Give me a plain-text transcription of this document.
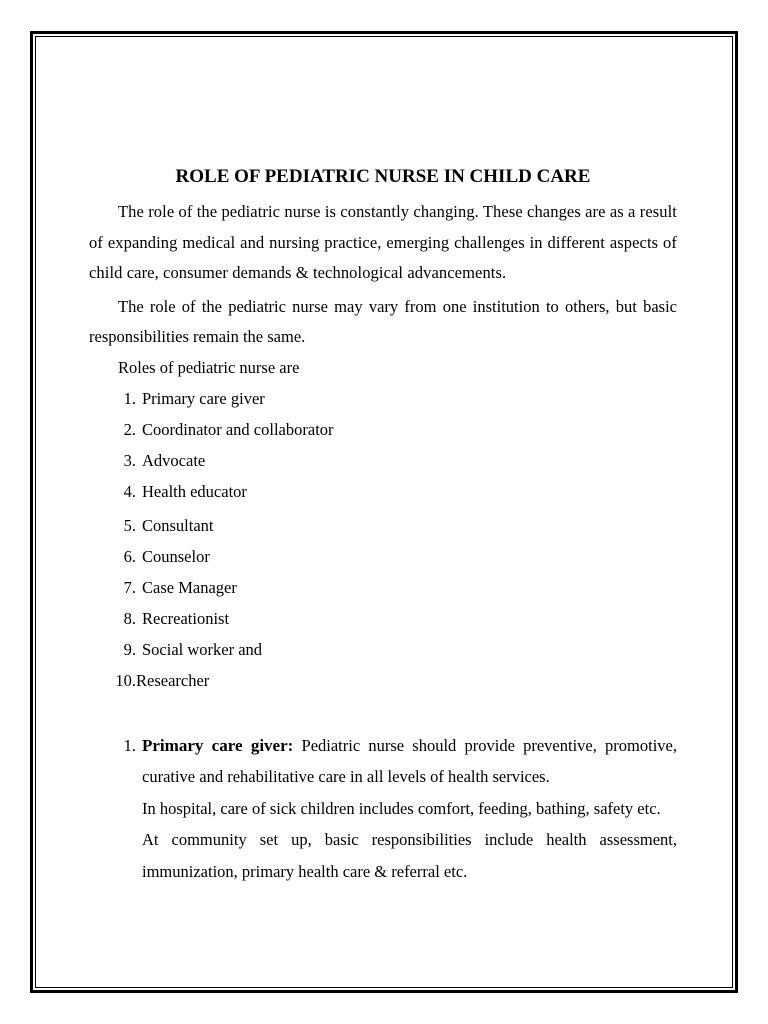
ROLE OF PEDIATRIC NURSE IN CHILD CARE

The role of the pediatric nurse is constantly changing. These changes are as a result of expanding medical and nursing practice, emerging challenges in different aspects of child care, consumer demands & technological advancements.

The role of the pediatric nurse may vary from one institution to others, but basic responsibilities remain the same.

Roles of pediatric nurse are

1. Primary care giver
2. Coordinator and collaborator
3. Advocate
4. Health educator
5. Consultant
6. Counselor
7. Case Manager
8. Recreationist
9. Social worker and
10. Researcher
1. Primary care giver: Pediatric nurse should provide preventive, promotive, curative and rehabilitative care in all levels of health services.

In hospital, care of sick children includes comfort, feeding, bathing, safety etc.

At community set up, basic responsibilities include health assessment, immunization, primary health care & referral etc.
